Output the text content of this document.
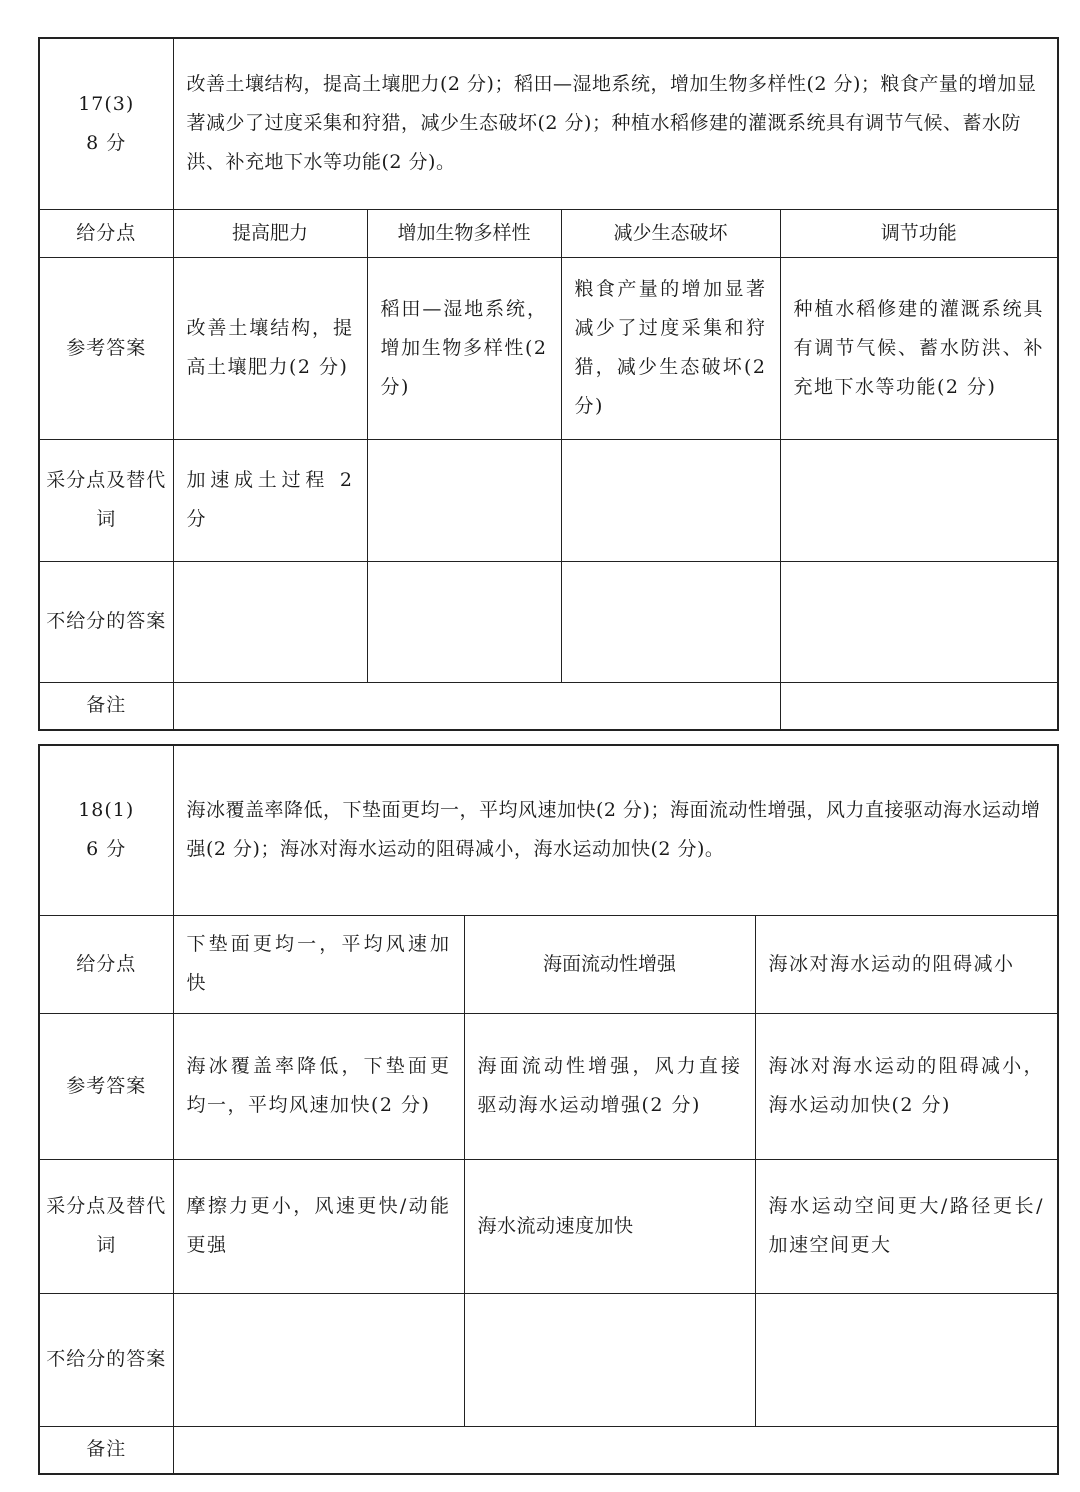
17(3)
8 分	改善土壤结构，提高土壤肥力(2 分)；稻田—湿地系统，增加生物多样性(2 分)；粮食产量的增加显著减少了过度采集和狩猎，减少生态破坏(2 分)；种植水稻修建的灌溉系统具有调节气候、蓄水防洪、补充地下水等功能(2 分)。			
给分点	提高肥力	增加生物多样性	减少生态破坏	调节功能
参考答案	改善土壤结构，提高土壤肥力(2 分)	稻田—湿地系统，增加生物多样性(2 分)	粮食产量的增加显著减少了过度采集和狩猎，减少生态破坏(2 分)	种植水稻修建的灌溉系统具有调节气候、蓄水防洪、补充地下水等功能(2 分)
采分点及替代词	加速成土过程 2 分			
不给分的答案				
备注				
18(1)
6 分	海冰覆盖率降低，下垫面更均一，平均风速加快(2 分)；海面流动性增强，风力直接驱动海水运动增强(2 分)；海冰对海水运动的阻碍减小，海水运动加快(2 分)。		
给分点	下垫面更均一，平均风速加快	海面流动性增强	海冰对海水运动的阻碍减小
参考答案	海冰覆盖率降低，下垫面更均一，平均风速加快(2 分)	海面流动性增强，风力直接驱动海水运动增强(2 分)	海冰对海水运动的阻碍减小，海水运动加快(2 分)
采分点及替代词	摩擦力更小，风速更快/动能更强	海水流动速度加快	海水运动空间更大/路径更长/加速空间更大
不给分的答案			
备注			
